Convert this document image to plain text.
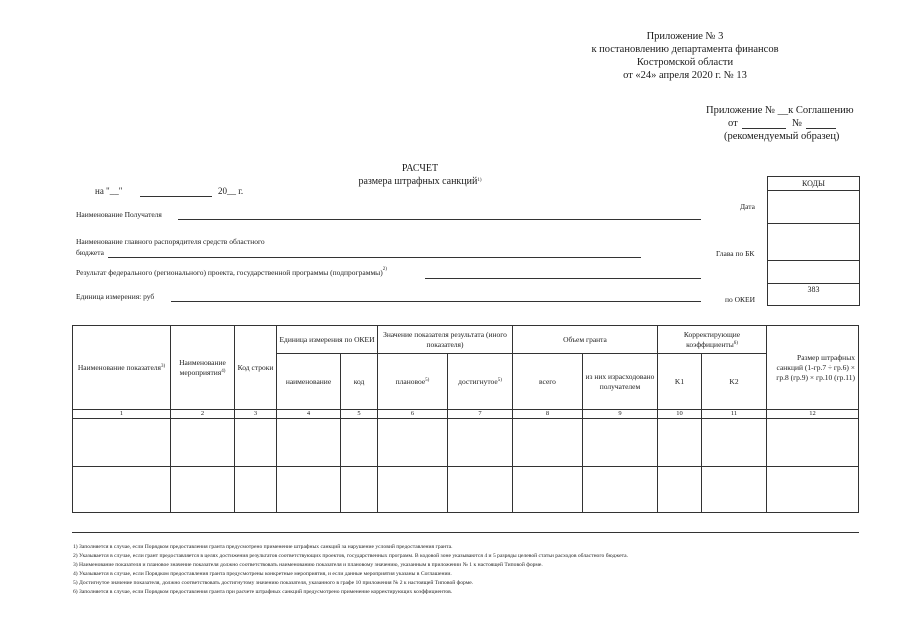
Приложение № 3
к постановлению департамента финансов
Костромской области
от «24» апреля 2020 г. № 13
Приложение № __к Соглашению
от	№
(рекомендуемый образец)
РАСЧЕТ
размера штрафных санкций$^{1)}$
на "__"	20__ г.
КОДЫ
383
Дата
Глава по БК
по ОКЕИ
Наименование Получателя
Наименование главного распорядителя средств областного
бюджета
Результат федерального (регионального) проекта, государственной программы (подпрограммы)$^{2)}$
Единица измерения: руб
Наименование показателя$^{3)}$	Наименование мероприятия$^{4)}$	Код строки	Единица измерения по ОКЕИ		Значение показателя результата (иного показателя)		Объем гранта		Корректирующие коэффициенты$^{6)}$		Размер штрафных санкций (1-гр.7 ÷ гр.6) × гр.8 (гр.9) × гр.10 (гр.11)
			наименование	код	плановое$^{5)}$	достигнутое$^{5)}$	всего	из них израсходовано получателем	K1	K2	
1	2	3	4	5	6	7	8	9	10	11	12

1) Заполняется в случае, если Порядком предоставления гранта предусмотрено применение штрафных санкций за нарушение условий предоставления гранта.
2) Указывается в случае, если грант предоставляется в целях достижения результатов соответствующих проектов, государственных программ. В кодовой зоне указываются 4 и 5 разряды целевой статьи расходов областного бюджета.
3) Наименование показателя и плановое значение показателя должно соответствовать наименованию показателя и плановому значению, указанным в приложении № 1 к настоящей Типовой форме.
4) Указывается в случае, если Порядком предоставления гранта предусмотрены конкретные мероприятия, и если данные мероприятия указаны в Соглашении.
5) Достигнутое значение показателя, должно соответствовать достигнутому значению показателя, указанного в графе 10 приложения № 2 к настоящей Типовой форме.
6) Заполняется в случае, если Порядком предоставления гранта при расчете штрафных санкций предусмотрено применение корректирующих коэффициентов.
